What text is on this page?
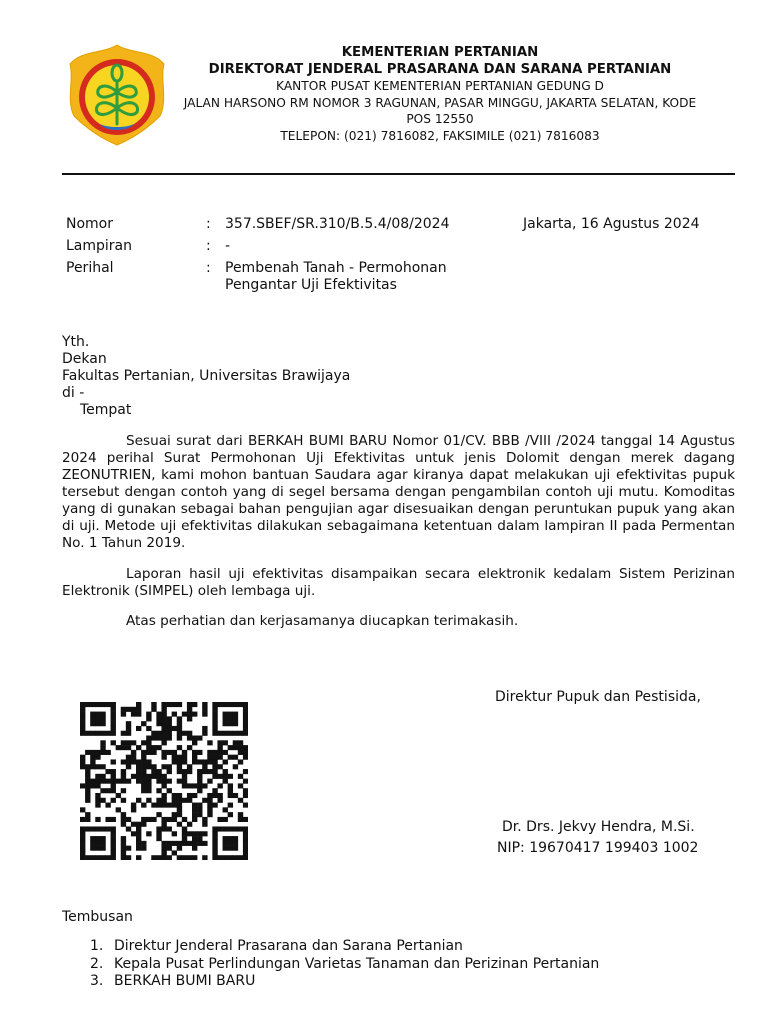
KEMENTERIAN PERTANIAN
DIREKTORAT JENDERAL PRASARANA DAN SARANA PERTANIAN
KANTOR PUSAT KEMENTERIAN PERTANIAN GEDUNG D
JALAN HARSONO RM NOMOR 3 RAGUNAN, PASAR MINGGU, JAKARTA SELATAN, KODE
POS 12550
TELEPON: (021) 7816082, FAKSIMILE (021) 7816083
Nomor	: 357.SBEF/SR.310/B.5.4/08/2024	Jakarta, 16 Agustus 2024
Lampiran	: -
Perihal	: Pembenah Tanah - Permohonan
Pengantar Uji Efektivitas
Yth.
Dekan
Fakultas Pertanian, Universitas Brawijaya
di -
Tempat
Sesuai surat dari BERKAH BUMI BARU Nomor 01/CV. BBB /VIII /2024 tanggal 14 Agustus 2024 perihal Surat Permohonan Uji Efektivitas untuk jenis Dolomit dengan merek dagang ZEONUTRIEN, kami mohon bantuan Saudara agar kiranya dapat melakukan uji efektivitas pupuk tersebut dengan contoh yang di segel bersama dengan pengambilan contoh uji mutu. Komoditas yang di gunakan sebagai bahan pengujian agar disesuaikan dengan peruntukan pupuk yang akan di uji. Metode uji efektivitas dilakukan sebagaimana ketentuan dalam lampiran II pada Permentan No. 1 Tahun 2019.
Laporan hasil uji efektivitas disampaikan secara elektronik kedalam Sistem Perizinan Elektronik (SIMPEL) oleh lembaga uji.
Atas perhatian dan kerjasamanya diucapkan terimakasih.
Direktur Pupuk dan Pestisida,
Dr. Drs. Jekvy Hendra, M.Si.
NIP: 19670417 199403 1002
Tembusan
1. Direktur Jenderal Prasarana dan Sarana Pertanian
2. Kepala Pusat Perlindungan Varietas Tanaman dan Perizinan Pertanian
3. BERKAH BUMI BARU
